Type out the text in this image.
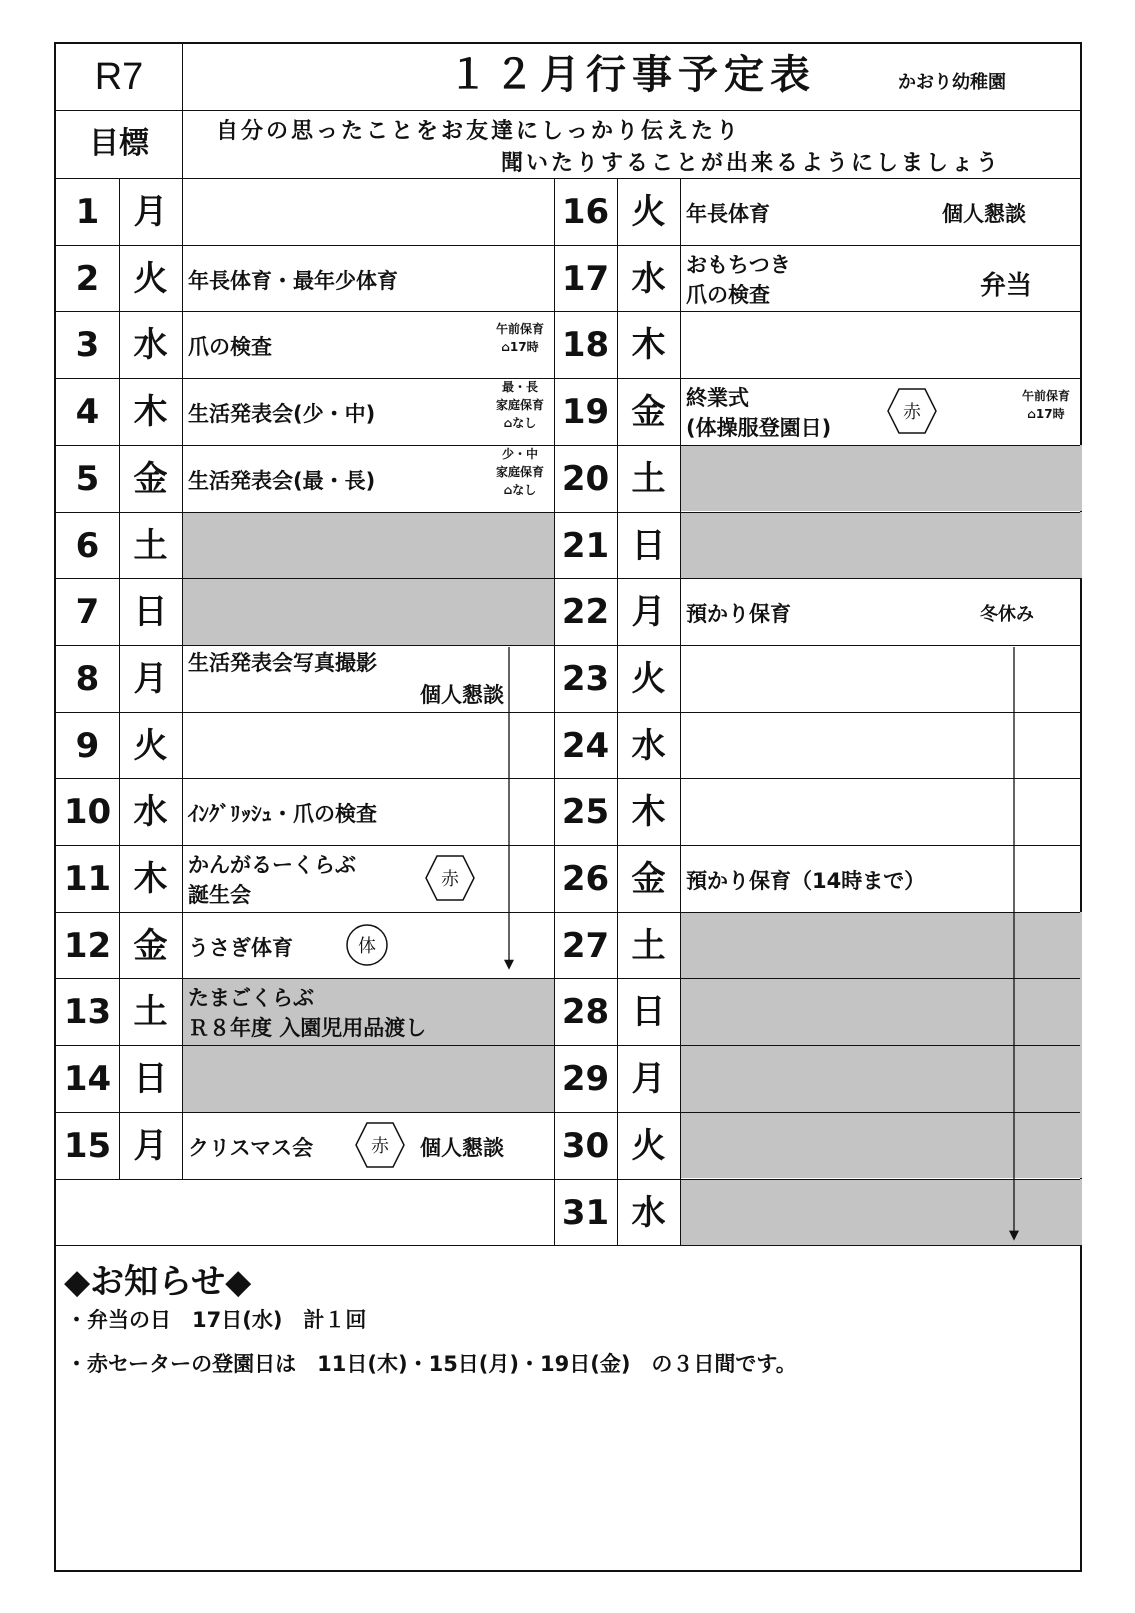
R7	１２月行事予定表	かおり幼稚園
目標	自分の思ったことをお友達にしっかり伝えたり
聞いたりすることが出来るようにしましょう
1	月
2	火 年長体育・最年少体育
3	水 爪の検査
午前保育
⌂17時
4	木 生活発表会(少・中)
最・長
家庭保育
⌂なし
5	金 生活発表会(最・長)
少・中
家庭保育
⌂なし
6	土
7	日
8	月 生活発表会写真撮影
個人懇談
9	火
10 水 ｲﾝｸﾞﾘｯｼｭ・爪の検査
11 木 かんがるーくらぶ
誕生会
赤
12 金 うさぎ体育	体
13 土 たまごくらぶ
Ｒ８年度 入園児用品渡し
14 日
15 月 クリスマス会	個人懇談
赤
16 火 年長体育	個人懇談
17 水 おもちつき
爪の検査	弁当
18 木
19 金 終業式
(体操服登園日)
午前保育
⌂17時
赤
20 土
21 日
22 月 預かり保育	冬休み
23 火
24 水
25 木
26 金 預かり保育（14時まで）
27 土
28 日
29 月
30 火
31 水
◆お知らせ◆
・弁当の日　17日(水)　計１回
・赤セーターの登園日は　11日(木)・15日(月)・19日(金)　の３日間です。
